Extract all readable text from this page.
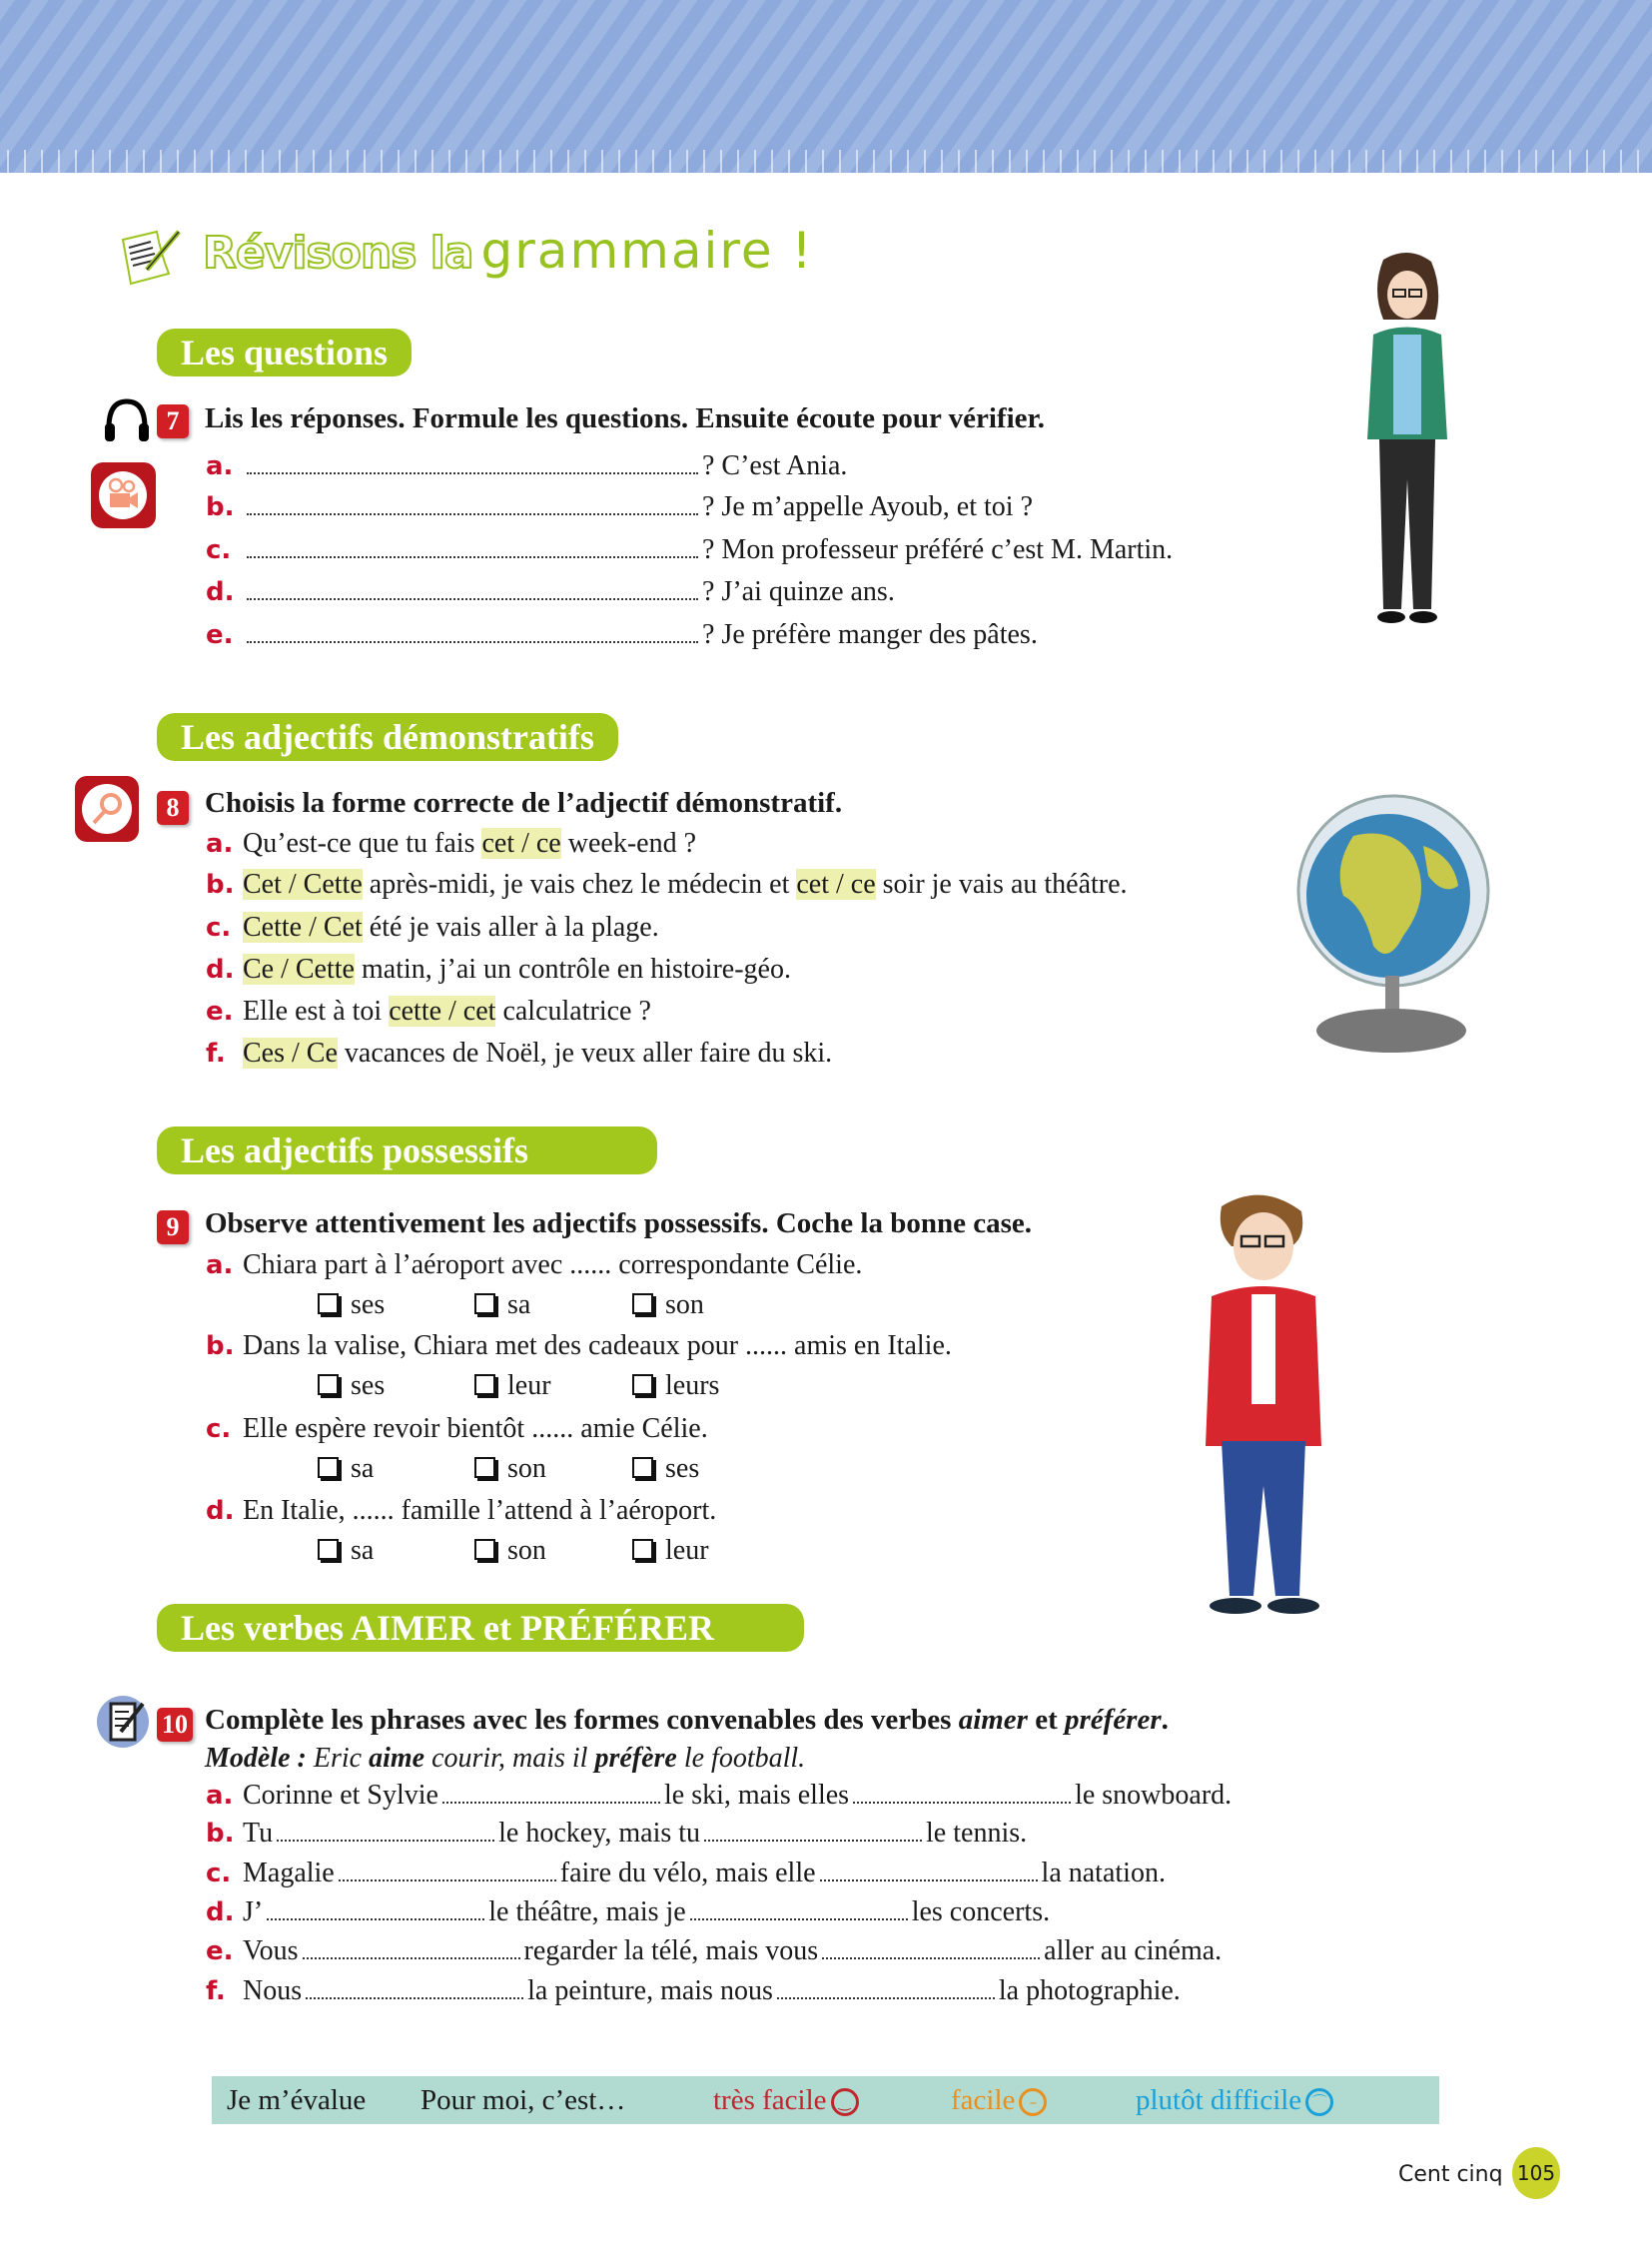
Révisons la grammaire !
Les questions
Les adjectifs démonstratifs
Les adjectifs possessifs
Les verbes AIMER et PRÉFÉRER
7 Lis les réponses. Formule les questions. Ensuite écoute pour vérifier.
a.	? C’est Ania.
b.	? Je m’appelle Ayoub, et toi ?
c.	? Mon professeur préféré c’est M. Martin.
d.	? J’ai quinze ans.
e.	? Je préfère manger des pâtes.
8 Choisis la forme correcte de l’adjectif démonstratif.
a. Qu’est-ce que tu fais cet / ce week-end ?
b. Cet / Cette après-midi, je vais chez le médecin et cet / ce soir je vais au théâtre.
c. Cette / Cet été je vais aller à la plage.
d. Ce / Cette matin, j’ai un contrôle en histoire-géo.
e. Elle est à toi cette / cet calculatrice ?
f. Ces / Ce vacances de Noël, je veux aller faire du ski.
9 Observe attentivement les adjectifs possessifs. Coche la bonne case.
a. Chiara part à l’aéroport avec ...... correspondante Célie.
ses	sa	son
b. Dans la valise, Chiara met des cadeaux pour ...... amis en Italie.
ses	leur	leurs
c. Elle espère revoir bientôt ...... amie Célie.
sa	son	ses
d. En Italie, ...... famille l’attend à l’aéroport.
sa	son	leur
10 Complète les phrases avec les formes convenables des verbes aimer et préférer.
Modèle : Eric aime courir, mais il préfère le football.
a. Corinne et Sylvie	le ski, mais elles	le snowboard.
b. Tu	le hockey, mais tu	le tennis.
c. Magalie	faire du vélo, mais elle	la natation.
d. J’	le théâtre, mais je	les concerts.
e. Vous	regarder la télé, mais vous	aller au cinéma.
f. Nous	la peinture, mais nous	la photographie.
Je m’évalue Pour moi, c’est…	très facile ‿	facile –	plutôt difficile ⌒
Cent cinq 105
